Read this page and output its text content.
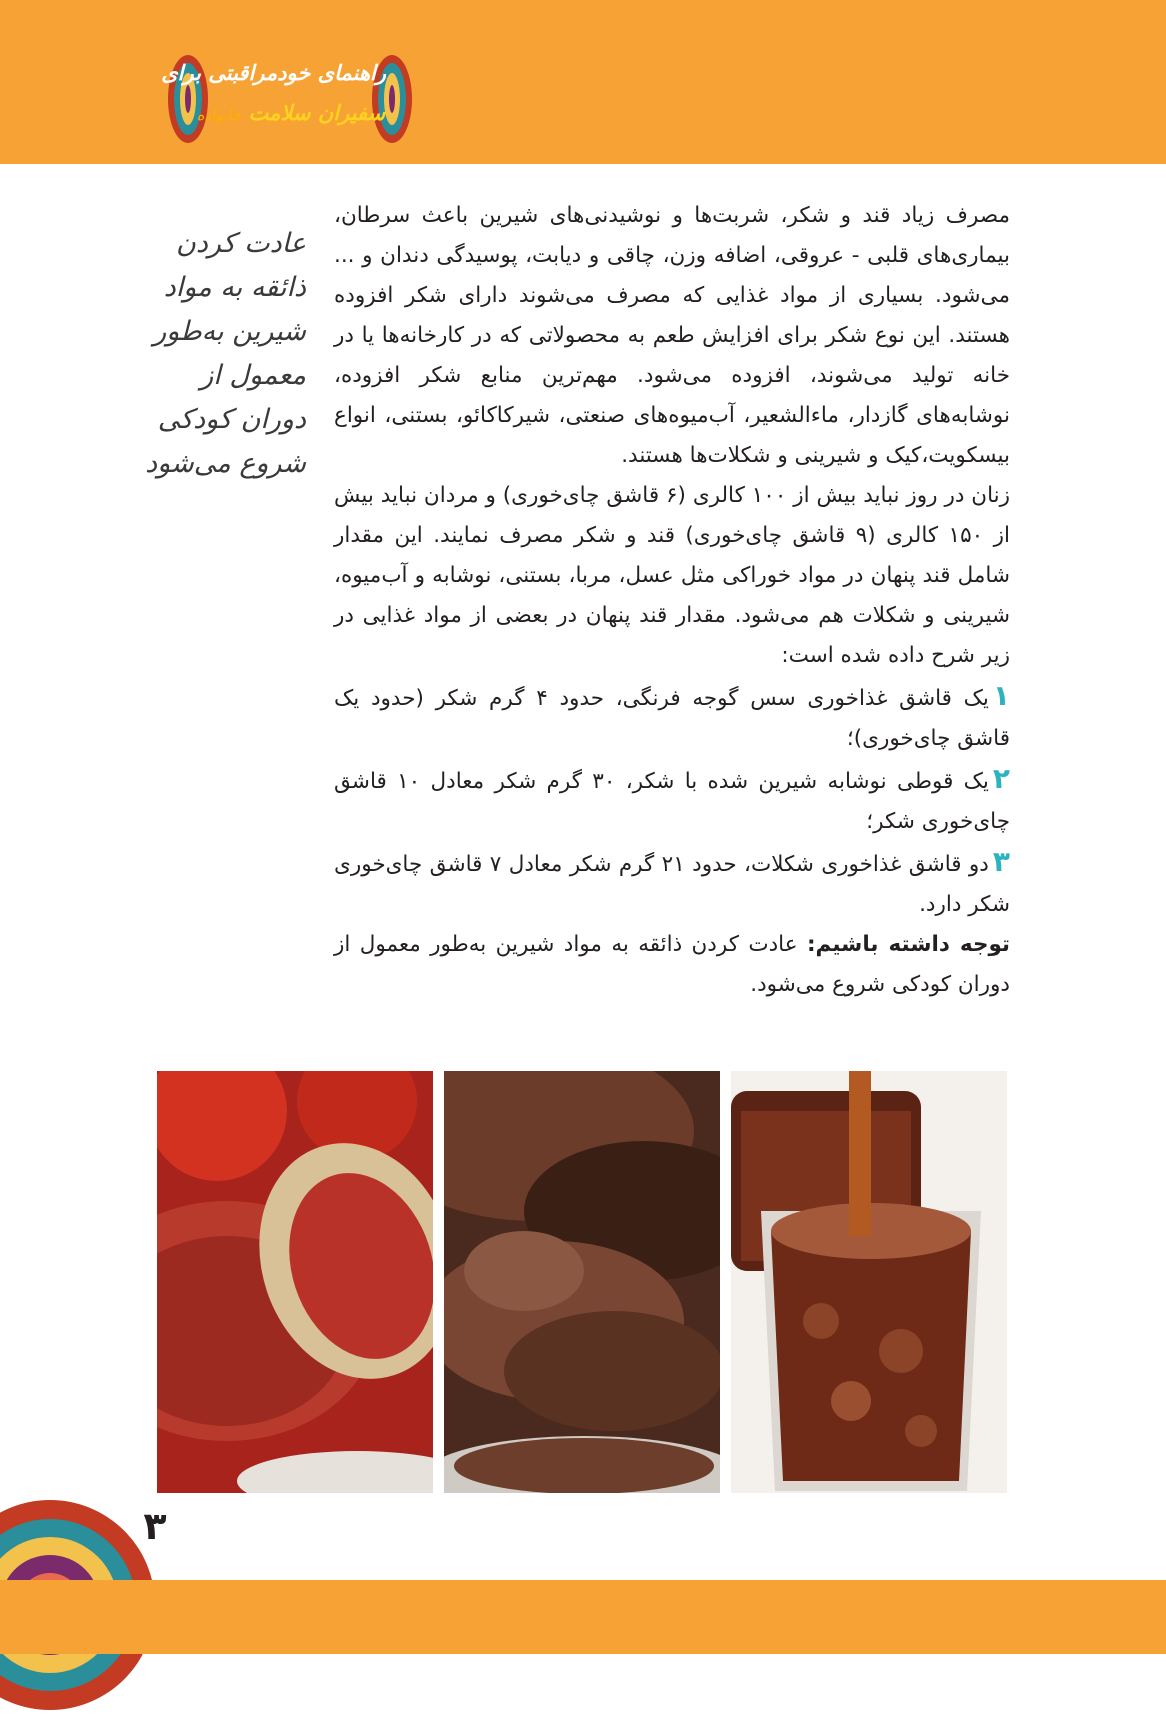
راهنمای خودمراقبتی برای
سفیران سلامت خانواده
عادت کردن
ذائقه به مواد
شیرین به‌طور
معمول از
دوران کودکی
شروع می‌شود

مصرف زیاد قند و شکر، شربت‌ها و نوشیدنی‌های شیرین باعث سرطان، بیماری‌های قلبی - عروقی، اضافه وزن، چاقی و دیابت، پوسیدگی دندان و ... می‌شود. بسیاری از مواد غذایی که مصرف می‌شوند دارای شکر افزوده هستند. این نوع شکر برای افزایش طعم به محصولاتی که در کارخانه‌ها یا در خانه تولید می‌شوند، افزوده می‌شود. مهم‌ترین منابع شکر افزوده، نوشابه‌های گازدار، ماءالشعیر، آب‌میوه‌های صنعتی، شیرکاکائو، بستنی، انواع بیسکویت،کیک و شیرینی و شکلات‌ها هستند.

زنان در روز نباید بیش از ۱۰۰ کالری (۶ قاشق چای‌خوری) و مردان نباید بیش از ۱۵۰ کالری (۹ قاشق چای‌خوری) قند و شکر مصرف نمایند. این مقدار شامل قند پنهان در مواد خوراکی مثل عسل، مربا، بستنی، نوشابه و آب‌میوه، شیرینی و شکلات هم می‌شود. مقدار قند پنهان در بعضی از مواد غذایی در زیر شرح داده شده است:

۱یک قاشق غذاخوری سس گوجه فرنگی، حدود ۴ گرم شکر (حدود یک قاشق چای‌خوری)؛
۲یک قوطی نوشابه شیرین شده با شکر، ۳۰ گرم شکر معادل ۱۰ قاشق چای‌خوری شکر؛
۳دو قاشق غذاخوری شکلات، حدود ۲۱ گرم شکر معادل ۷ قاشق چای‌خوری شکر دارد.

توجه داشته باشیم: عادت کردن ذائقه به مواد شیرین به‌طور معمول از دوران کودکی شروع می‌شود.

۳
